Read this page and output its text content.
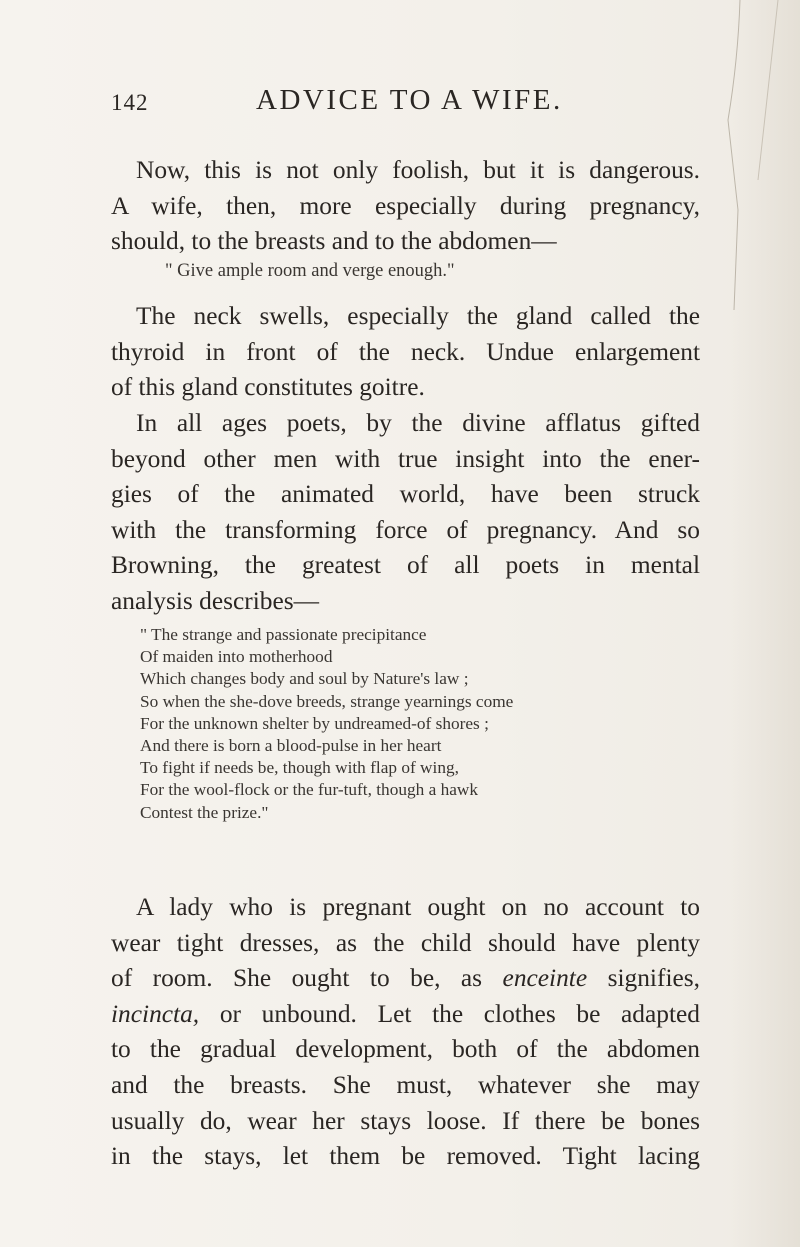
142	ADVICE TO A WIFE.
Now, this is not only foolish, but it is dangerous.
A wife, then, more especially during pregnancy,
should, to the breasts and to the abdomen—
" Give ample room and verge enough."
The neck swells, especially the gland called the
thyroid in front of the neck. Undue enlargement
of this gland constitutes goitre.
In all ages poets, by the divine afflatus gifted
beyond other men with true insight into the ener-
gies of the animated world, have been struck
with the transforming force of pregnancy. And so
Browning, the greatest of all poets in mental
analysis describes—
" The strange and passionate precipitance
Of maiden into motherhood
Which changes body and soul by Nature's law ;
So when the she-dove breeds, strange yearnings come
For the unknown shelter by undreamed-of shores ;
And there is born a blood-pulse in her heart
To fight if needs be, though with flap of wing,
For the wool-flock or the fur-tuft, though a hawk
Contest the prize."
A lady who is pregnant ought on no account to
wear tight dresses, as the child should have plenty
of room. She ought to be, as enceinte signifies,
incincta, or unbound. Let the clothes be adapted
to the gradual development, both of the abdomen
and the breasts. She must, whatever she may
usually do, wear her stays loose. If there be bones
in the stays, let them be removed. Tight lacing
